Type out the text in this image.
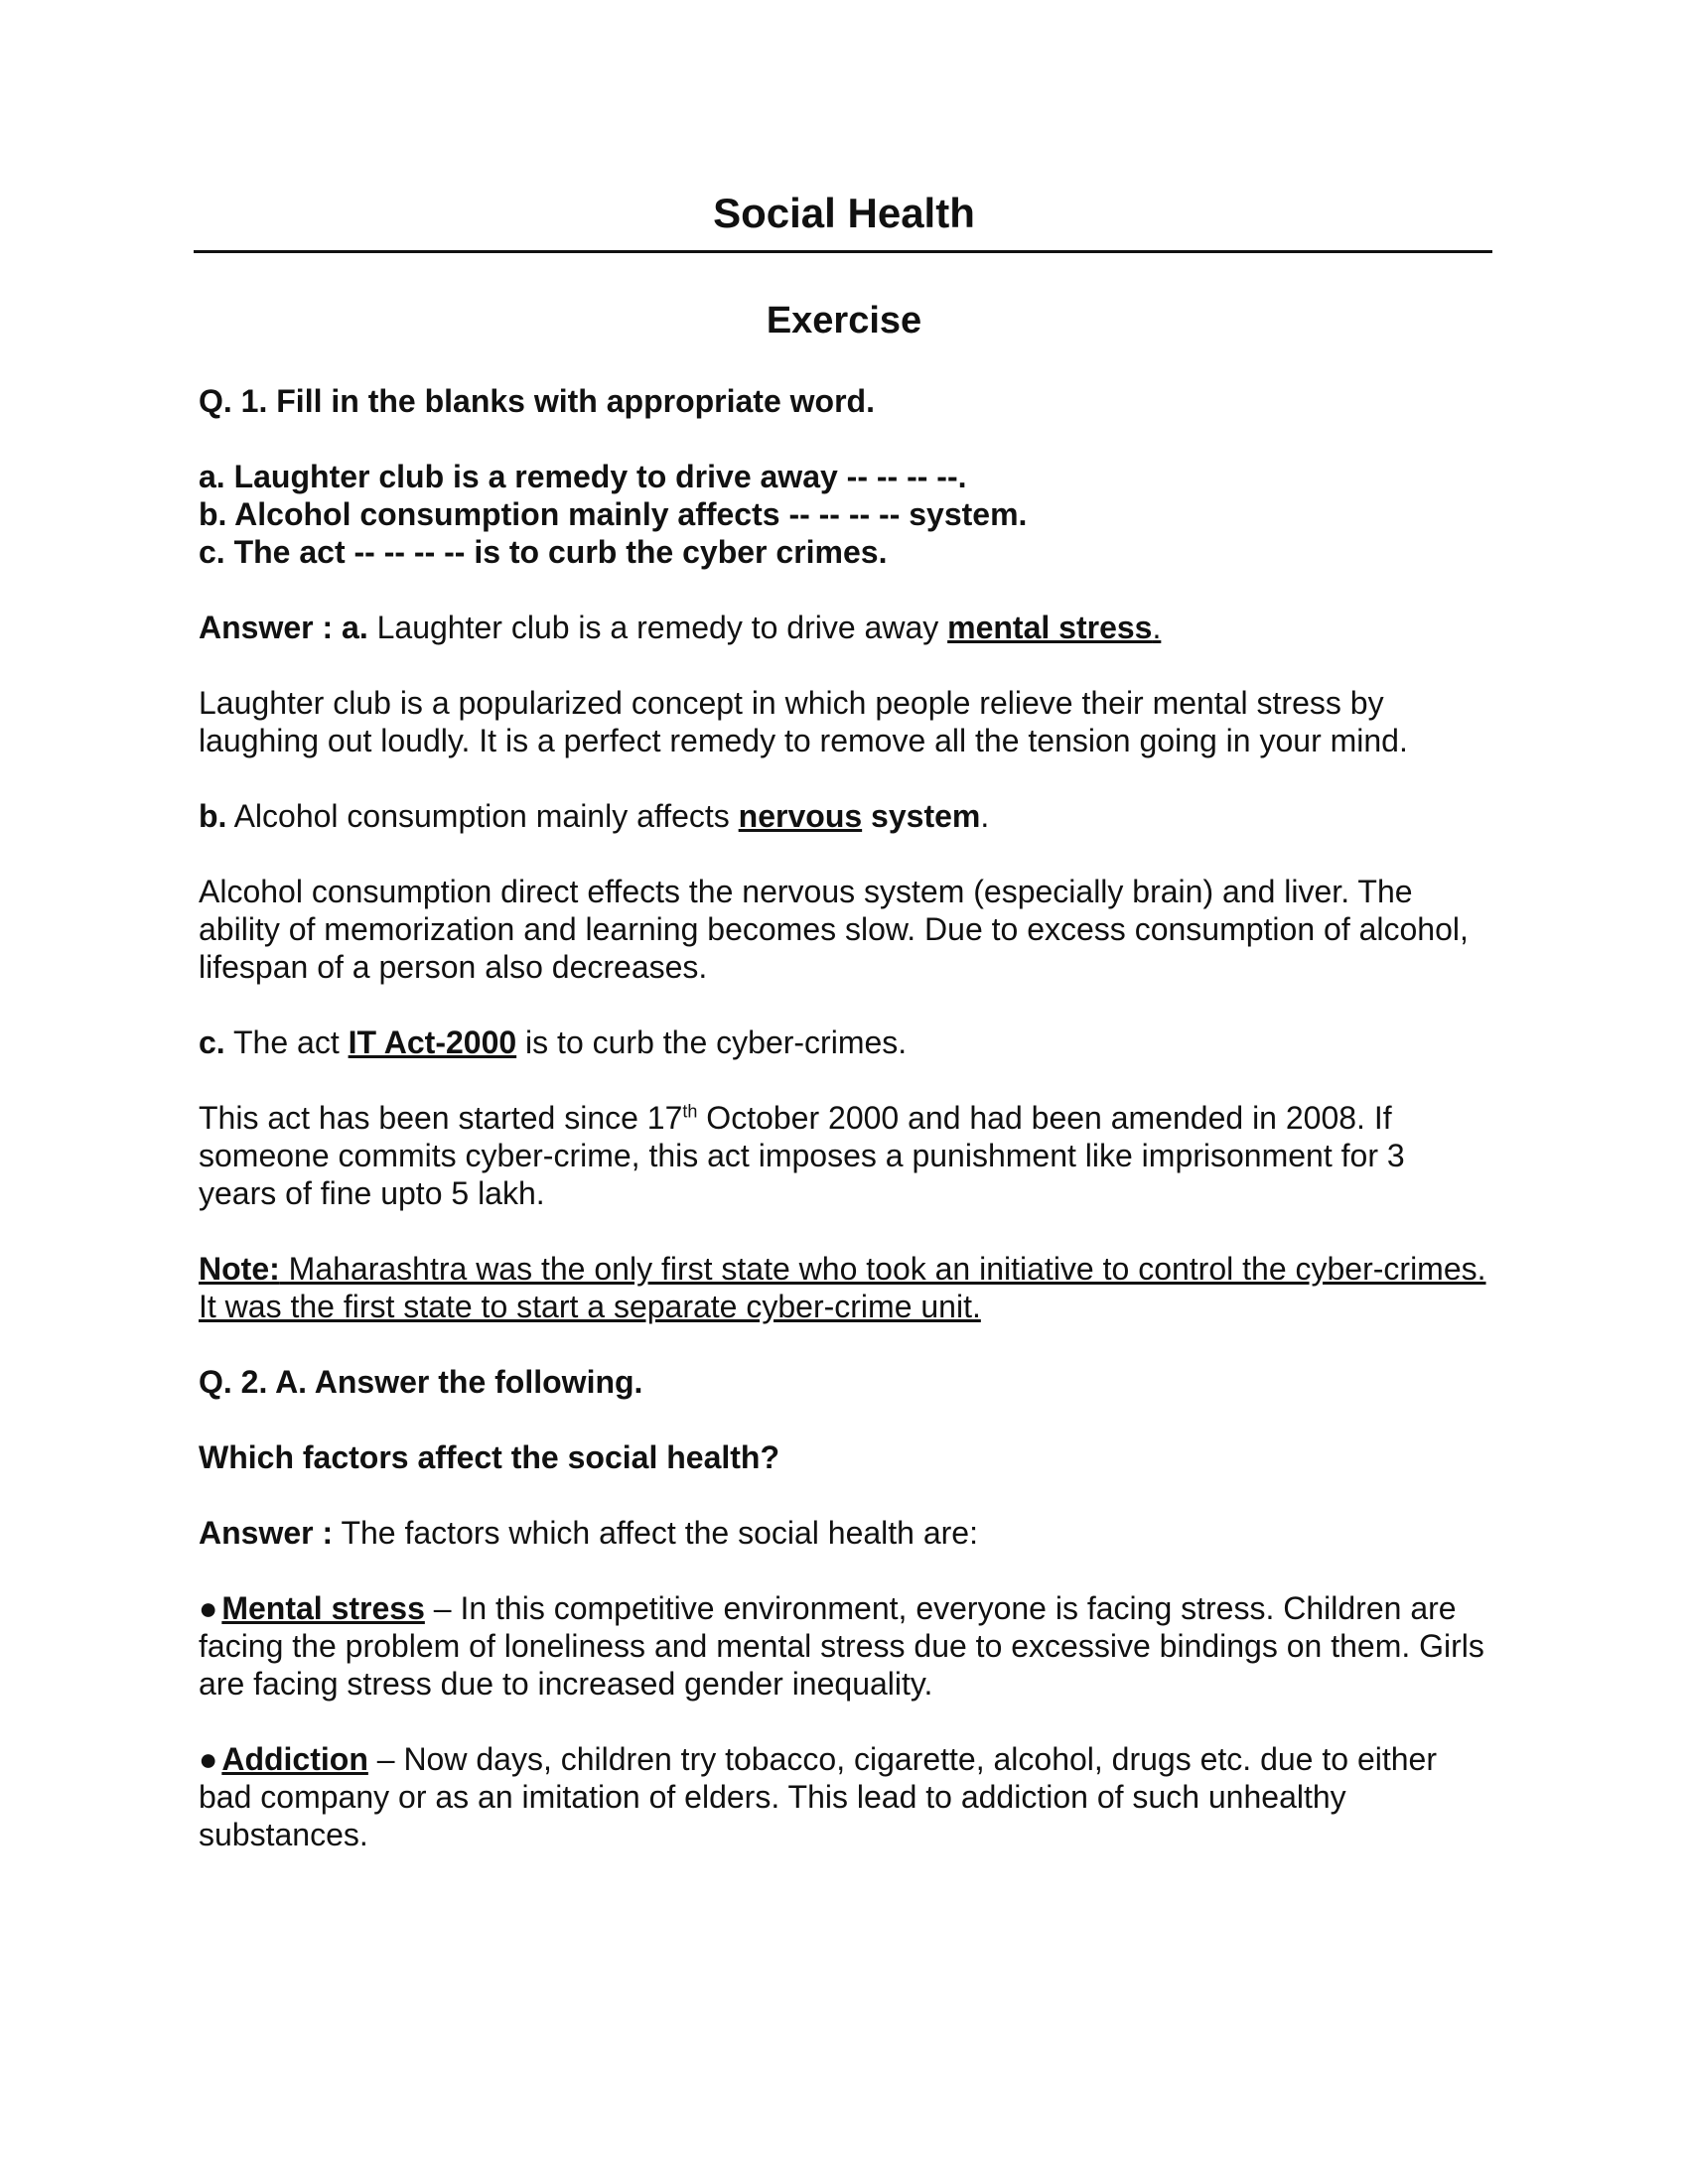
Social Health
Exercise

Q. 1. Fill in the blanks with appropriate word.

a. Laughter club is a remedy to drive away -- -- -- --.

b. Alcohol consumption mainly affects -- -- -- -- system.

c. The act -- -- -- -- is to curb the cyber crimes.

Answer : a. Laughter club is a remedy to drive away mental stress.

Laughter club is a popularized concept in which people relieve their mental stress by laughing out loudly. It is a perfect remedy to remove all the tension going in your mind.

b. Alcohol consumption mainly affects nervous system.

Alcohol consumption direct effects the nervous system (especially brain) and liver. The ability of memorization and learning becomes slow. Due to excess consumption of alcohol, lifespan of a person also decreases.

c. The act IT Act-2000 is to curb the cyber-crimes.

This act has been started since 17th October 2000 and had been amended in 2008. If someone commits cyber-crime, this act imposes a punishment like imprisonment for 3 years of fine upto 5 lakh.

Note: Maharashtra was the only first state who took an initiative to control the cyber-crimes. It was the first state to start a separate cyber-crime unit.

Q. 2. A. Answer the following.

Which factors affect the social health?

Answer : The factors which affect the social health are:

● Mental stress – In this competitive environment, everyone is facing stress. Children are facing the problem of loneliness and mental stress due to excessive bindings on them. Girls are facing stress due to increased gender inequality.

● Addiction – Now days, children try tobacco, cigarette, alcohol, drugs etc. due to either bad company or as an imitation of elders. This lead to addiction of such unhealthy substances.
